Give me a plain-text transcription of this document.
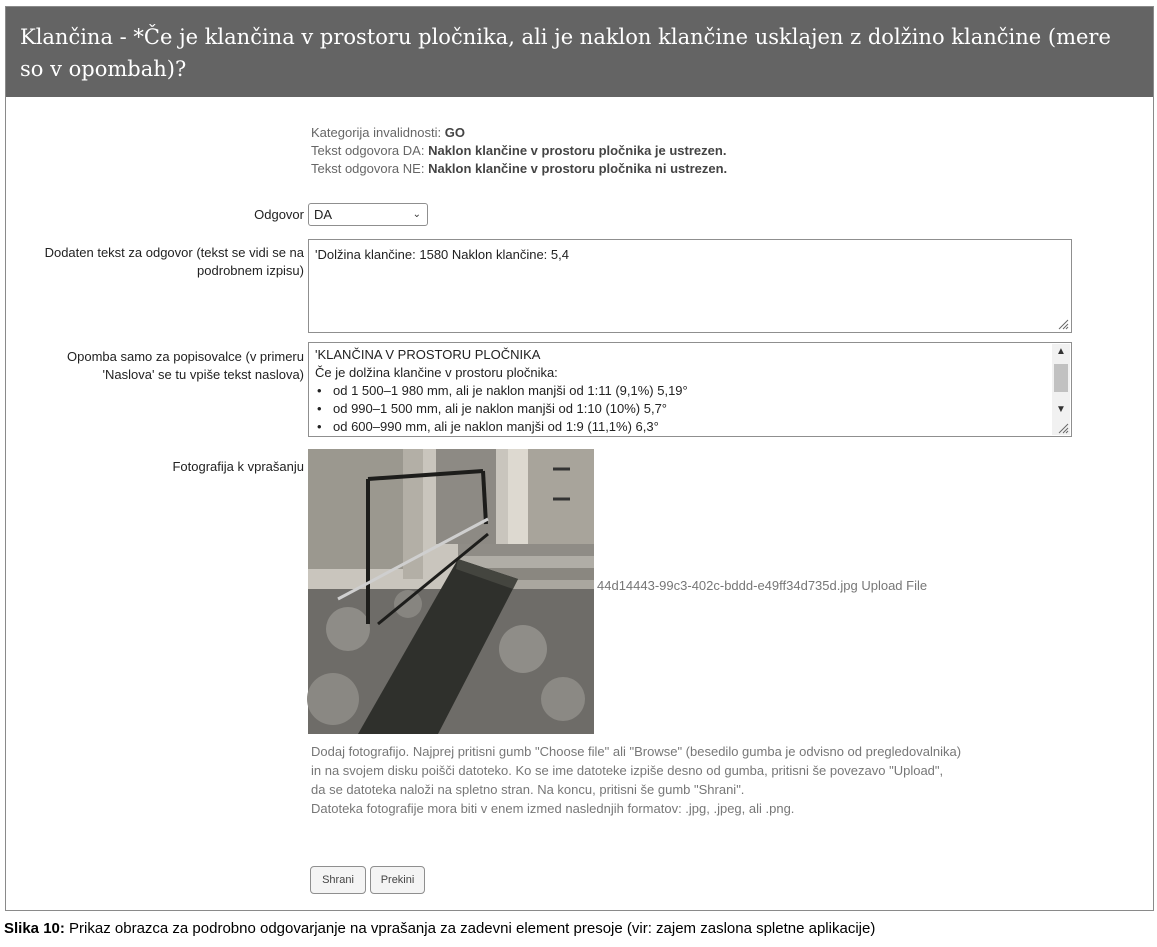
Klančina - *Če je klančina v prostoru pločnika, ali je naklon klančine usklajen z dolžino klančine (mere so v opombah)?
Kategorija invalidnosti: GO
Tekst odgovora DA: Naklon klančine v prostoru pločnika je ustrezen.
Tekst odgovora NE: Naklon klančine v prostoru pločnika ni ustrezen.
Odgovor DA	⌄
Dodaten tekst za odgovor (tekst se vidi se na
podrobnem izpisu)
'Dolžina klančine: 1580 Naklon klančine: 5,4
Opomba samo za popisovalce (v primeru
'Naslova' se tu vpiše tekst naslova)
'KLANČINA V PROSTORU PLOČNIKA
Če je dolžina klančine v prostoru pločnika:
• od 1 500–1 980 mm, ali je naklon manjši od 1:11 (9,1%) 5,19°
• od 990–1 500 mm, ali je naklon manjši od 1:10 (10%) 5,7°
• od 600–990 mm, ali je naklon manjši od 1:9 (11,1%) 6,3°
▲
▼
Fotografija k vprašanju
44d14443-99c3-402c-bddd-e49ff34d735d.jpg Upload File
Dodaj fotografijo. Najprej pritisni gumb "Choose file" ali "Browse" (besedilo gumba je odvisno od pregledovalnika)
in na svojem disku poišči datoteko. Ko se ime datoteke izpiše desno od gumba, pritisni še povezavo "Upload",
da se datoteka naloži na spletno stran. Na koncu, pritisni še gumb "Shrani".
Datoteka fotografije mora biti v enem izmed naslednjih formatov: .jpg, .jpeg, ali .png.
Shrani	Prekini
Slika 10: Prikaz obrazca za podrobno odgovarjanje na vprašanja za zadevni element presoje (vir: zajem zaslona spletne aplikacije)
